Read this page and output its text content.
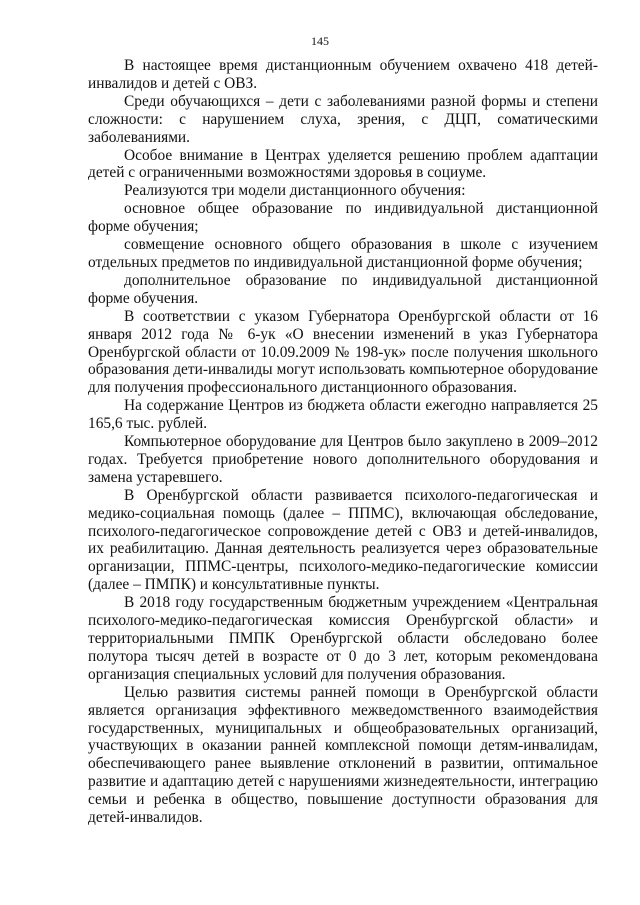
145

В настоящее время дистанционным обучением охвачено 418 детей-инвалидов и детей с ОВЗ.

Среди обучающихся – дети с заболеваниями разной формы и степени сложности: с нарушением слуха, зрения, с ДЦП, соматическими заболеваниями.

Особое внимание в Центрах уделяется решению проблем адаптации детей с ограниченными возможностями здоровья в социуме.

Реализуются три модели дистанционного обучения:

основное общее образование по индивидуальной дистанционной форме обучения;

совмещение основного общего образования в школе с изучением отдельных предметов по индивидуальной дистанционной форме обучения;

дополнительное образование по индивидуальной дистанционной форме обучения.

В соответствии с указом Губернатора Оренбургской области от 16 января 2012 года № 6-ук «О внесении изменений в указ Губернатора Оренбургской области от 10.09.2009 № 198-ук» после получения школьного образования дети-инвалиды могут использовать компьютерное оборудование для получения профессионального дистанционного образования.

На содержание Центров из бюджета области ежегодно направляется 25 165,6 тыс. рублей.

Компьютерное оборудование для Центров было закуплено в 2009–2012 годах. Требуется приобретение нового дополнительного оборудования и замена устаревшего.

В Оренбургской области развивается психолого-педагогическая и медико-социальная помощь (далее – ППМС), включающая обследование, психолого-педагогическое сопровождение детей с ОВЗ и детей-инвалидов, их реабилитацию. Данная деятельность реализуется через образовательные организации, ППМС-центры, психолого-медико-педагогические комиссии (далее – ПМПК) и консультативные пункты.

В 2018 году государственным бюджетным учреждением «Центральная психолого-медико-педагогическая комиссия Оренбургской области» и территориальными ПМПК Оренбургской области обследовано более полутора тысяч детей в возрасте от 0 до 3 лет, которым рекомендована организация специальных условий для получения образования.

Целью развития системы ранней помощи в Оренбургской области является организация эффективного межведомственного взаимодействия государственных, муниципальных и общеобразовательных организаций, участвующих в оказании ранней комплексной помощи детям-инвалидам, обеспечивающего ранее выявление отклонений в развитии, оптимальное развитие и адаптацию детей с нарушениями жизнедеятельности, интеграцию семьи и ребенка в общество, повышение доступности образования для детей-инвалидов.
